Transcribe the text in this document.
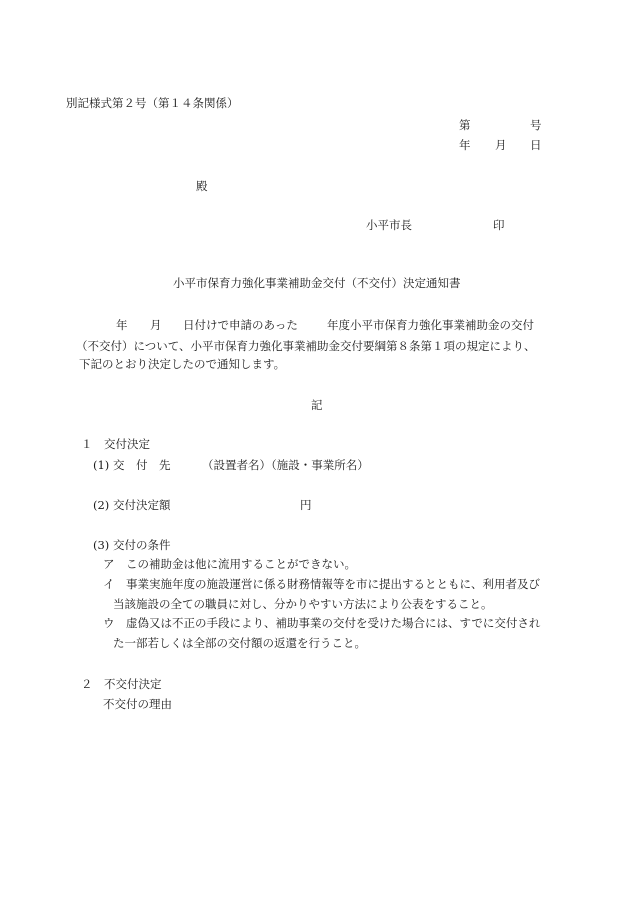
別記様式第２号（第１４条関係）
第	号
年 月 日
殿
小平市長	印
小平市保育力強化事業補助金交付（不交付）決定通知書
年 月 日付けで申請のあった	年度小平市保育力強化事業補助金の交付
（不交付）について、小平市保育力強化事業補助金交付要綱第８条第１項の規定により、
下記のとおり決定したので通知します。
記
１　交付決定
(1) 交　付　先	（設置者名）（施設・事業所名）
(2) 交付決定額	円
(3) 交付の条件
ア　この補助金は他に流用することができない。
イ　事業実施年度の施設運営に係る財務情報等を市に提出するとともに、利用者及び
当該施設の全ての職員に対し、分かりやすい方法により公表をすること。
ウ　虚偽又は不正の手段により、補助事業の交付を受けた場合には、すでに交付され
た一部若しくは全部の交付額の返還を行うこと。
２　不交付決定
不交付の理由
